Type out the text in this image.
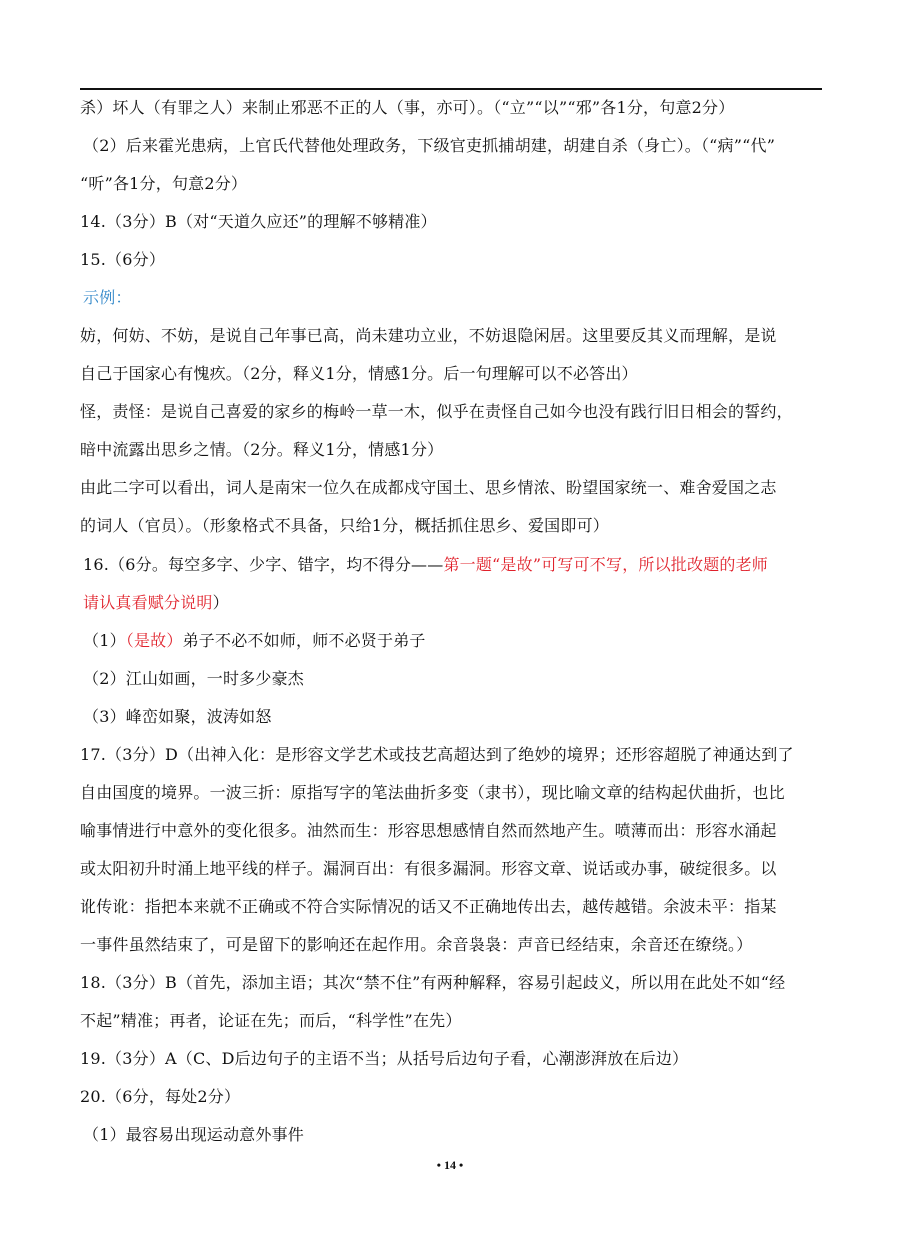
杀）坏人（有罪之人）来制止邪恶不正的人（事，亦可）。（“立”“以”“邪”各1分，句意2分）
（2）后来霍光患病，上官氏代替他处理政务，下级官吏抓捕胡建，胡建自杀（身亡）。（“病”“代”
“听”各1分，句意2分）
14.（3分）B（对“天道久应还”的理解不够精准）
15.（6分）
示例：
妨，何妨、不妨，是说自己年事已高，尚未建功立业，不妨退隐闲居。这里要反其义而理解，是说
自己于国家心有愧疚。（2分，释义1分，情感1分。后一句理解可以不必答出）
怪，责怪：是说自己喜爱的家乡的梅岭一草一木，似乎在责怪自己如今也没有践行旧日相会的誓约，
暗中流露出思乡之情。（2分。释义1分，情感1分）
由此二字可以看出，词人是南宋一位久在成都戍守国土、思乡情浓、盼望国家统一、难舍爱国之志
的词人（官员）。（形象格式不具备，只给1分，概括抓住思乡、爱国即可）
16.（6分。每空多字、少字、错字，均不得分——第一题“是故”可写可不写，所以批改题的老师
请认真看赋分说明）
（1）（是故）弟子不必不如师，师不必贤于弟子
（2）江山如画，一时多少豪杰
（3）峰峦如聚，波涛如怒
17.（3分）D（出神入化：是形容文学艺术或技艺高超达到了绝妙的境界；还形容超脱了神通达到了
自由国度的境界。一波三折：原指写字的笔法曲折多变（隶书），现比喻文章的结构起伏曲折，也比
喻事情进行中意外的变化很多。油然而生：形容思想感情自然而然地产生。喷薄而出：形容水涌起
或太阳初升时涌上地平线的样子。漏洞百出：有很多漏洞。形容文章、说话或办事，破绽很多。以
讹传讹：指把本来就不正确或不符合实际情况的话又不正确地传出去，越传越错。余波未平：指某
一事件虽然结束了，可是留下的影响还在起作用。余音袅袅：声音已经结束，余音还在缭绕。）
18.（3分）B（首先，添加主语；其次“禁不住”有两种解释，容易引起歧义，所以用在此处不如“经
不起”精准；再者，论证在先；而后，“科学性”在先）
19.（3分）A（C、D后边句子的主语不当；从括号后边句子看，心潮澎湃放在后边）
20.（6分，每处2分）
（1）最容易出现运动意外事件
• 14 •
